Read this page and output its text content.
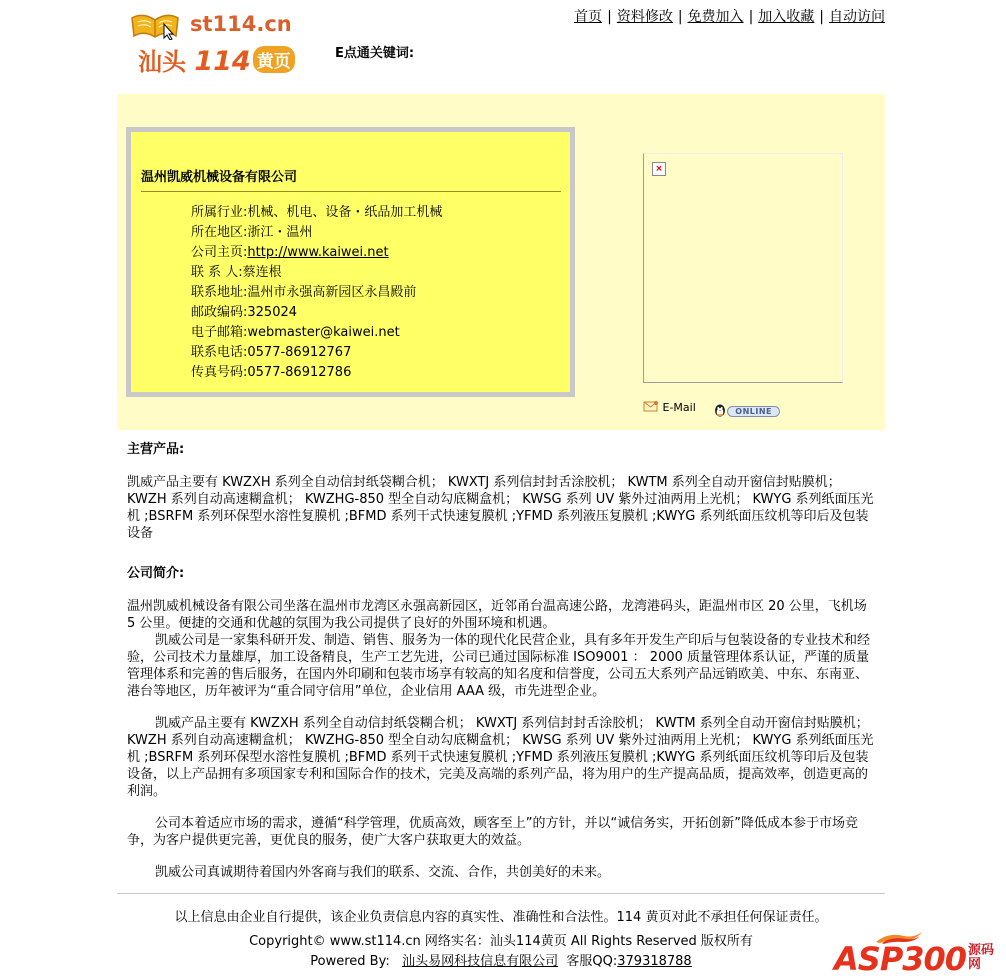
st114.cn
汕头 114 黄页	E点通关键词:
首页 | 资料修改 | 免费加入 | 加入收藏 | 自动访问
温州凯威机械设备有限公司
所属行业:机械、机电、设备・纸品加工机械
所在地区:浙江・温州
公司主页:http://www.kaiwei.net
联 系 人:蔡连根
联系地址:温州市永强高新园区永昌殿前
邮政编码:325024
电子邮箱:webmaster@kaiwei.net
联系电话:0577-86912767
传真号码:0577-86912786
×
E-Mail	ONLINE
主营产品:
凯威产品主要有 KWZXH 系列全自动信封纸袋糊合机； KWXTJ 系列信封封舌涂胶机； KWTM 系列全自动开窗信封贴膜机； KWZH 系列自动高速糊盒机； KWZHG-850 型全自动勾底糊盒机； KWSG 系列 UV 紫外过油两用上光机； KWYG 系列纸面压光机 ;BSRFM 系列环保型水溶性复膜机 ;BFMD 系列干式快速复膜机 ;YFMD 系列液压复膜机 ;KWYG 系列纸面压纹机等印后及包装设备
公司简介:
温州凯威机械设备有限公司坐落在温州市龙湾区永强高新园区，近邻甬台温高速公路，龙湾港码头，距温州市区 20 公里，飞机场 5 公里。便捷的交通和优越的氛围为我公司提供了良好的外围环境和机遇。
凯威公司是一家集科研开发、制造、销售、服务为一体的现代化民营企业，具有多年开发生产印后与包装设备的专业技术和经验，公司技术力量雄厚，加工设备精良，生产工艺先进，公司已通过国际标准 ISO9001 ： 2000 质量管理体系认证，严谨的质量管理体系和完善的售后服务，在国内外印刷和包装市场享有较高的知名度和信誉度，公司五大系列产品远销欧美、中东、东南亚、港台等地区，历年被评为“重合同守信用”单位，企业信用 AAA 级，市先进型企业。
凯威产品主要有 KWZXH 系列全自动信封纸袋糊合机； KWXTJ 系列信封封舌涂胶机； KWTM 系列全自动开窗信封贴膜机； KWZH 系列自动高速糊盒机； KWZHG-850 型全自动勾底糊盒机； KWSG 系列 UV 紫外过油两用上光机； KWYG 系列纸面压光机 ;BSRFM 系列环保型水溶性复膜机 ;BFMD 系列干式快速复膜机 ;YFMD 系列液压复膜机 ;KWYG 系列纸面压纹机等印后及包装设备，以上产品拥有多项国家专利和国际合作的技术，完美及高端的系列产品，将为用户的生产提高品质，提高效率，创造更高的利润。
公司本着适应市场的需求，遵循“科学管理，优质高效，顾客至上”的方针，并以“诚信务实，开拓创新”降低成本参于市场竞争，为客户提供更完善，更优良的服务，使广大客户获取更大的效益。
凯威公司真诚期待着国内外客商与我们的联系、交流、合作，共创美好的未来。
以上信息由企业自行提供，该企业负责信息内容的真实性、准确性和合法性。114 黄页对此不承担任何保证责任。
Copyright© www.st114.cn 网络实名：汕头114黄页 All Rights Reserved 版权所有
Powered By: 汕头易网科技信息有限公司 客服QQ:379318788	ASP300 源码
网
